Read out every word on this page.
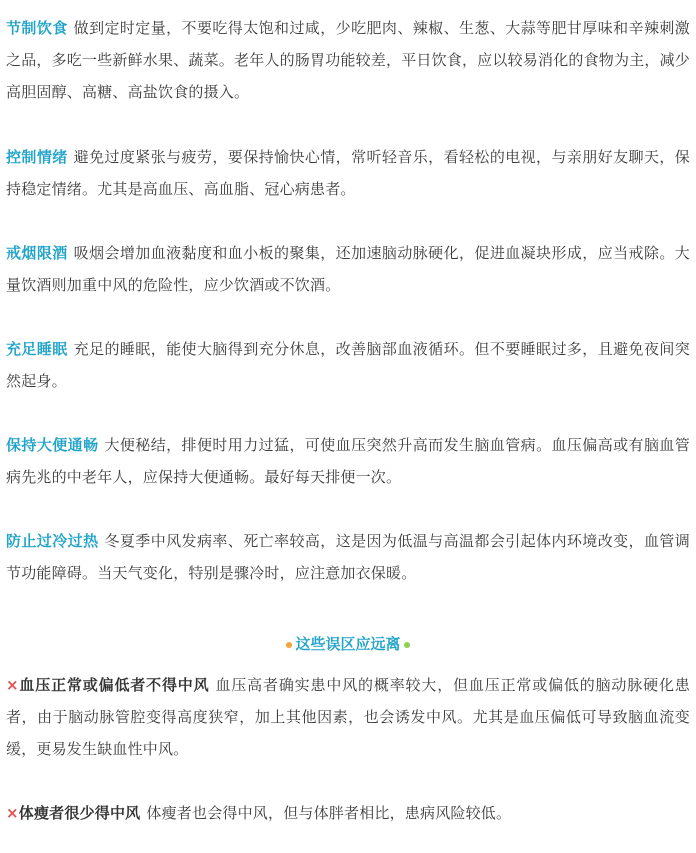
节制饮食 做到定时定量，不要吃得太饱和过咸，少吃肥肉、辣椒、生葱、大蒜等肥甘厚味和辛辣刺激之品，多吃一些新鲜水果、蔬菜。老年人的肠胃功能较差，平日饮食，应以较易消化的食物为主，减少高胆固醇、高糖、高盐饮食的摄入。

控制情绪 避免过度紧张与疲劳，要保持愉快心情，常听轻音乐，看轻松的电视，与亲朋好友聊天，保持稳定情绪。尤其是高血压、高血脂、冠心病患者。

戒烟限酒 吸烟会增加血液黏度和血小板的聚集，还加速脑动脉硬化，促进血凝块形成，应当戒除。大量饮酒则加重中风的危险性，应少饮酒或不饮酒。

充足睡眠 充足的睡眠，能使大脑得到充分休息，改善脑部血液循环。但不要睡眠过多，且避免夜间突然起身。

保持大便通畅 大便秘结，排便时用力过猛，可使血压突然升高而发生脑血管病。血压偏高或有脑血管病先兆的中老年人，应保持大便通畅。最好每天排便一次。

防止过冷过热 冬夏季中风发病率、死亡率较高，这是因为低温与高温都会引起体内环境改变，血管调节功能障碍。当天气变化，特别是骤冷时，应注意加衣保暖。

这些误区应远离

×血压正常或偏低者不得中风 血压高者确实患中风的概率较大，但血压正常或偏低的脑动脉硬化患者，由于脑动脉管腔变得高度狭窄，加上其他因素，也会诱发中风。尤其是血压偏低可导致脑血流变缓，更易发生缺血性中风。

×体瘦者很少得中风 体瘦者也会得中风，但与体胖者相比，患病风险较低。
